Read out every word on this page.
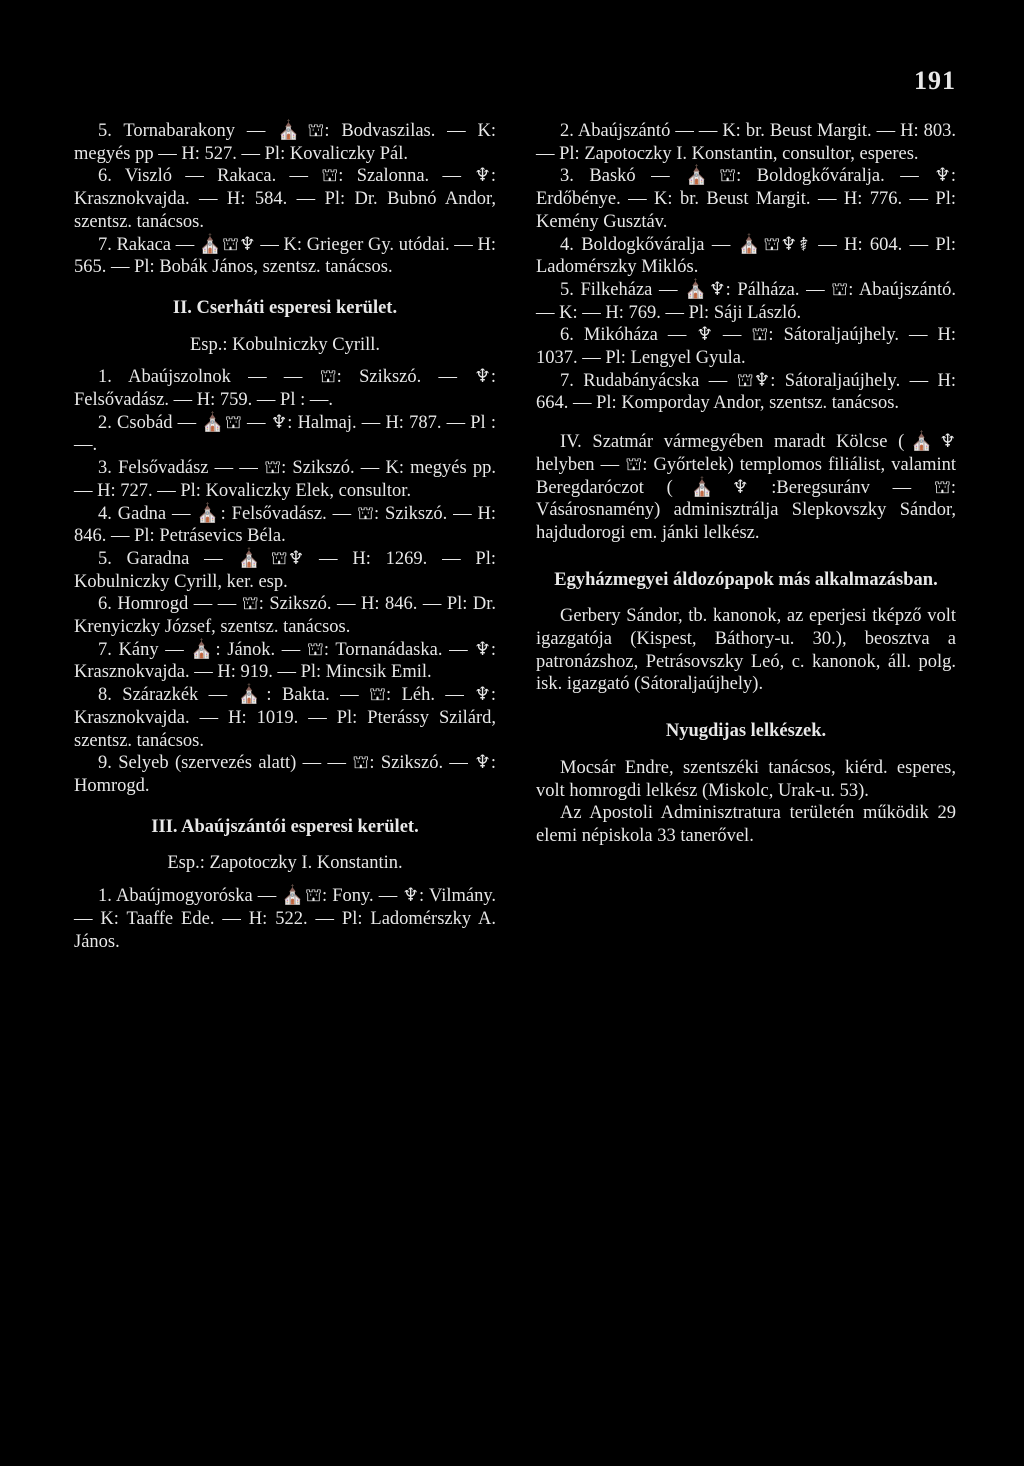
191

5. Tornabarakony — ⛪⛫: Bodvaszilas. — K: megyés pp — H: 527. — Pl: Kovaliczky Pál.

6. Viszló — Rakaca. — ⛫: Szalonna. — ♆: Krasznokvajda. — H: 584. — Pl: Dr. Bubnó Andor, szentsz. tanácsos.

7. Rakaca — ⛪⛫♆ — K: Grieger Gy. utódai. — H: 565. — Pl: Bobák János, szentsz. tanácsos.

II. Cserháti esperesi kerület.

Esp.: Kobulniczky Cyrill.

1. Abaújszolnok — — ⛫: Szikszó. — ♆: Felsővadász. — H: 759. — Pl : —.

2. Csobád — ⛪⛫ — ♆: Halmaj. — H: 787. — Pl : —.

3. Felsővadász — — ⛫: Szikszó. — K: megyés pp. — H: 727. — Pl: Kovaliczky Elek, consultor.

4. Gadna — ⛪: Felsővadász. — ⛫: Szikszó. — H: 846. — Pl: Petrásevics Béla.

5. Garadna — ⛪⛫♆ — H: 1269. — Pl: Kobulniczky Cyrill, ker. esp.

6. Homrogd — — ⛫: Szikszó. — H: 846. — Pl: Dr. Krenyiczky József, szentsz. tanácsos.

7. Kány — ⛪: Jánok. — ⛫: Tornanádaska. — ♆: Krasznokvajda. — H: 919. — Pl: Mincsik Emil.

8. Szárazkék — ⛪: Bakta. — ⛫: Léh. — ♆: Krasznokvajda. — H: 1019. — Pl: Pterássy Szilárd, szentsz. tanácsos.

9. Selyeb (szervezés alatt) — — ⛫: Szikszó. — ♆: Homrogd.

III. Abaújszántói esperesi kerület.

Esp.: Zapotoczky I. Konstantin.

1. Abaújmogyoróska — ⛪⛫: Fony. — ♆: Vilmány. — K: Taaffe Ede. — H: 522. — Pl: Ladomérszky A. János.

2. Abaújszántó — — K: br. Beust Margit. — H: 803. — Pl: Zapotoczky I. Konstantin, consultor, esperes.

3. Baskó — ⛪⛫: Boldogkőváralja. — ♆: Erdőbénye. — K: br. Beust Margit. — H: 776. — Pl: Kemény Gusztáv.

4. Boldogkőváralja — ⛪⛫♆⚕ — H: 604. — Pl: Ladomérszky Miklós.

5. Filkeháza — ⛪♆: Pálháza. — ⛫: Abaújszántó. — K: — H: 769. — Pl: Sáji László.

6. Mikóháza — ♆ — ⛫: Sátoraljaújhely. — H: 1037. — Pl: Lengyel Gyula.

7. Rudabányácska — ⛫♆: Sátoraljaújhely. — H: 664. — Pl: Komporday Andor, szentsz. tanácsos.

IV. Szatmár vármegyében maradt Kölcse (⛪♆ helyben — ⛫: Győrtelek) templomos filiálist, valamint Beregdaróczot (⛪♆ :Beregsuránv — ⛫: Vásárosnamény) adminisztrálja Slepkovszky Sándor, hajdudorogi em. jánki lelkész.

Egyházmegyei áldozópapok más alkalmazásban.

Gerbery Sándor, tb. kanonok, az eperjesi tképző volt igazgatója (Kispest, Báthory-u. 30.), beosztva a patronázshoz, Petrásovszky Leó, c. kanonok, áll. polg. isk. igazgató (Sátoraljaújhely).

Nyugdijas lelkészek.

Mocsár Endre, szentszéki tanácsos, kiérd. esperes, volt homrogdi lelkész (Miskolc, Urak-u. 53).

Az Apostoli Adminisztratura területén működik 29 elemi népiskola 33 tanerővel.
